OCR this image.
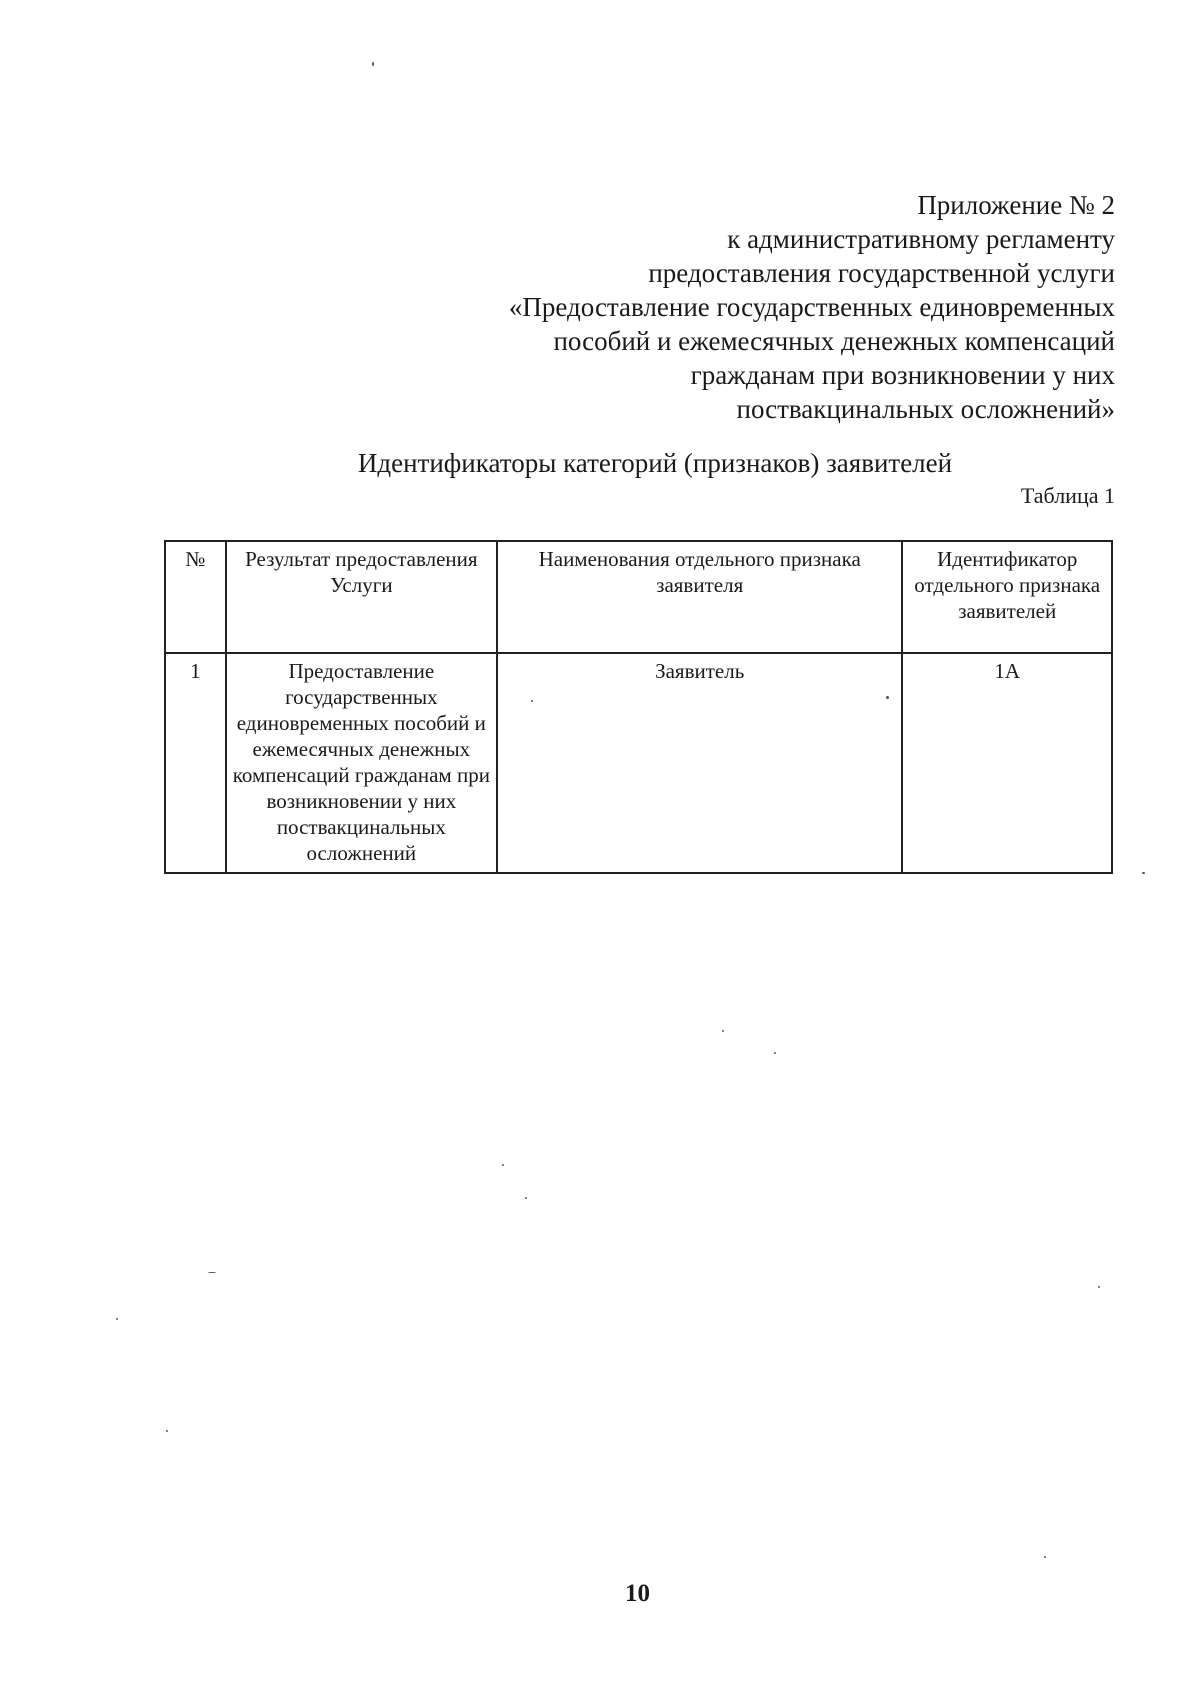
Приложение № 2
к административному регламенту
предоставления государственной услуги
«Предоставление государственных единовременных
пособий и ежемесячных денежных компенсаций
гражданам при возникновении у них
поствакцинальных осложнений»
Идентификаторы категорий (признаков) заявителей
Таблица 1
№	Результат предоставления Услуги	Наименования отдельного признака заявителя	Идентификатор отдельного признака заявителей
1	Предоставление государственных единовременных пособий и ежемесячных денежных компенсаций гражданам при возникновении у них поствакцинальных осложнений	Заявитель	1А
10
